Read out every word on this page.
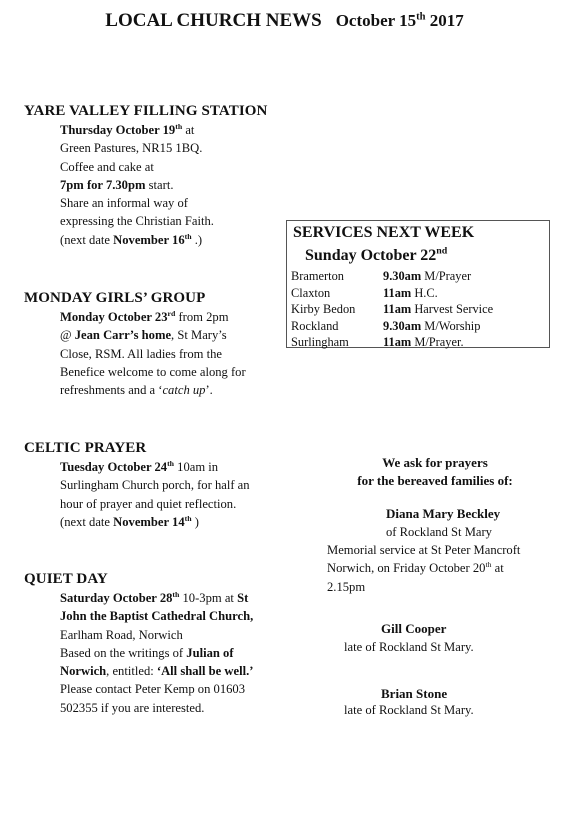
LOCAL CHURCH NEWS October 15th 2017
YARE VALLEY FILLING STATION
Thursday October 19th at
Green Pastures, NR15 1BQ.
Coffee and cake at
7pm for 7.30pm start.
Share an informal way of
expressing the Christian Faith.
(next date November 16th .)	SERVICES NEXT WEEK
Sunday October 22nd
Bramerton	9.30am M/Prayer
Claxton	11am H.C.
Kirby Bedon	11am Harvest Service
Rockland	9.30am M/Worship
Surlingham	11am M/Prayer.
MONDAY GIRLS’ GROUP
Monday October 23rd from 2pm
@ Jean Carr’s home, St Mary’s
Close, RSM. All ladies from the
Benefice welcome to come along for
refreshments and a ‘catch up’.
CELTIC PRAYER
Tuesday October 24th 10am in
Surlingham Church porch, for half an
hour of prayer and quiet reflection.
(next date November 14th )
QUIET DAY
Saturday October 28th 10-3pm at St
John the Baptist Cathedral Church,
Earlham Road, Norwich
Based on the writings of Julian of
Norwich, entitled: ‘All shall be well.’
Please contact Peter Kemp on 01603
502355 if you are interested.
We ask for prayers
for the bereaved families of:
Diana Mary Beckley
of Rockland St Mary
Memorial service at St Peter Mancroft
Norwich, on Friday October 20th at
2.15pm
Gill Cooper
late of Rockland St Mary.
Brian Stone
late of Rockland St Mary.
